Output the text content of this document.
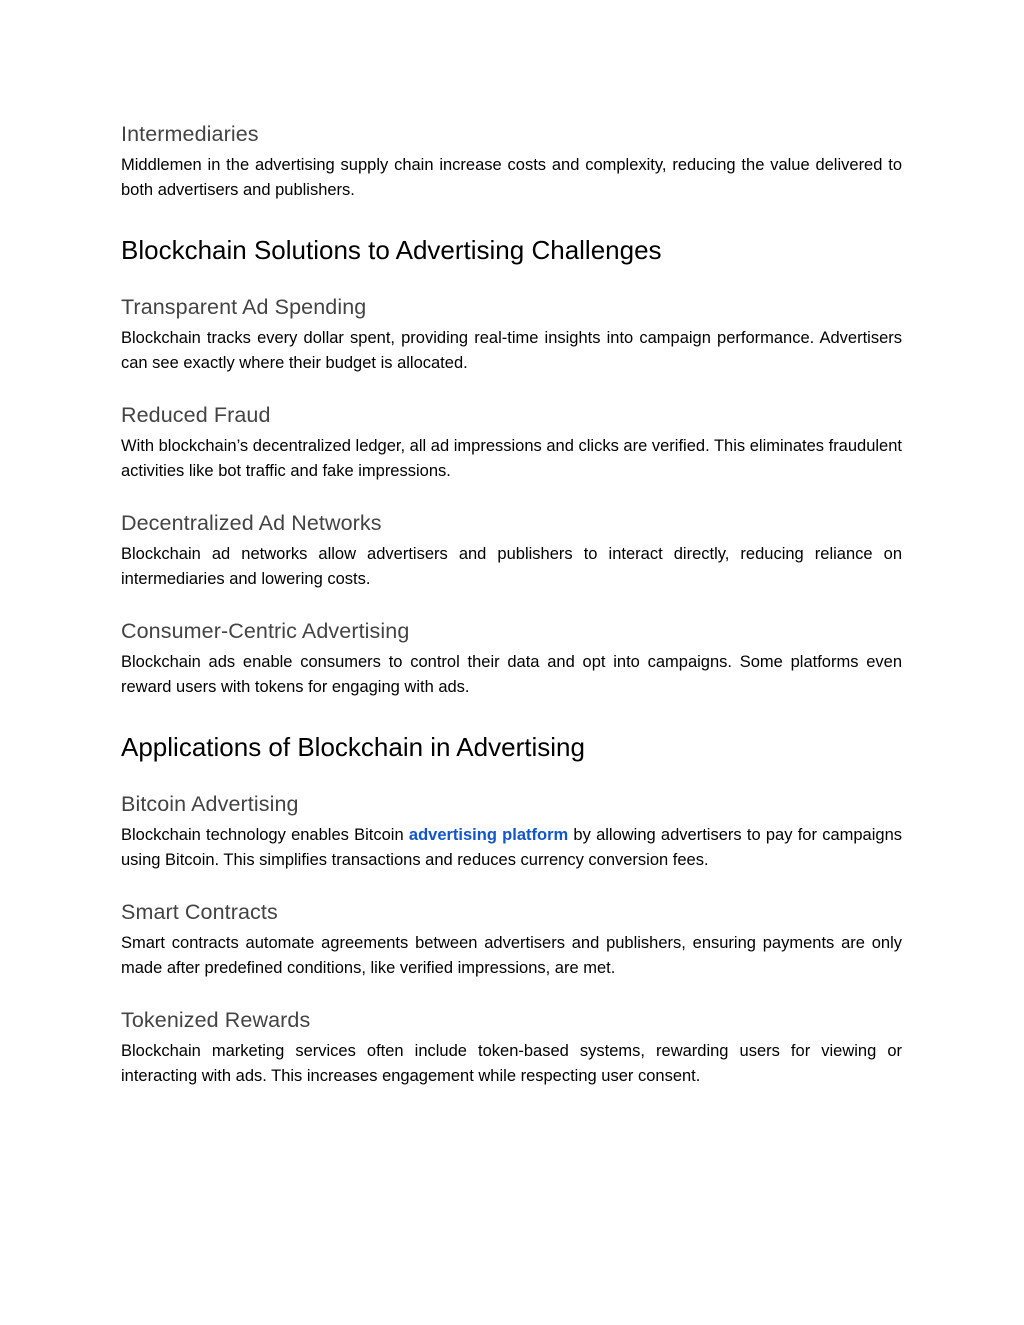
Intermediaries

Middlemen in the advertising supply chain increase costs and complexity, reducing the value delivered to both advertisers and publishers.

Blockchain Solutions to Advertising Challenges
Transparent Ad Spending

Blockchain tracks every dollar spent, providing real-time insights into campaign performance. Advertisers can see exactly where their budget is allocated.

Reduced Fraud

With blockchain’s decentralized ledger, all ad impressions and clicks are verified. This eliminates fraudulent activities like bot traffic and fake impressions.

Decentralized Ad Networks

Blockchain ad networks allow advertisers and publishers to interact directly, reducing reliance on intermediaries and lowering costs.

Consumer-Centric Advertising

Blockchain ads enable consumers to control their data and opt into campaigns. Some platforms even reward users with tokens for engaging with ads.

Applications of Blockchain in Advertising
Bitcoin Advertising

Blockchain technology enables Bitcoin advertising platform by allowing advertisers to pay for campaigns using Bitcoin. This simplifies transactions and reduces currency conversion fees.

Smart Contracts

Smart contracts automate agreements between advertisers and publishers, ensuring payments are only made after predefined conditions, like verified impressions, are met.

Tokenized Rewards

Blockchain marketing services often include token-based systems, rewarding users for viewing or interacting with ads. This increases engagement while respecting user consent.
